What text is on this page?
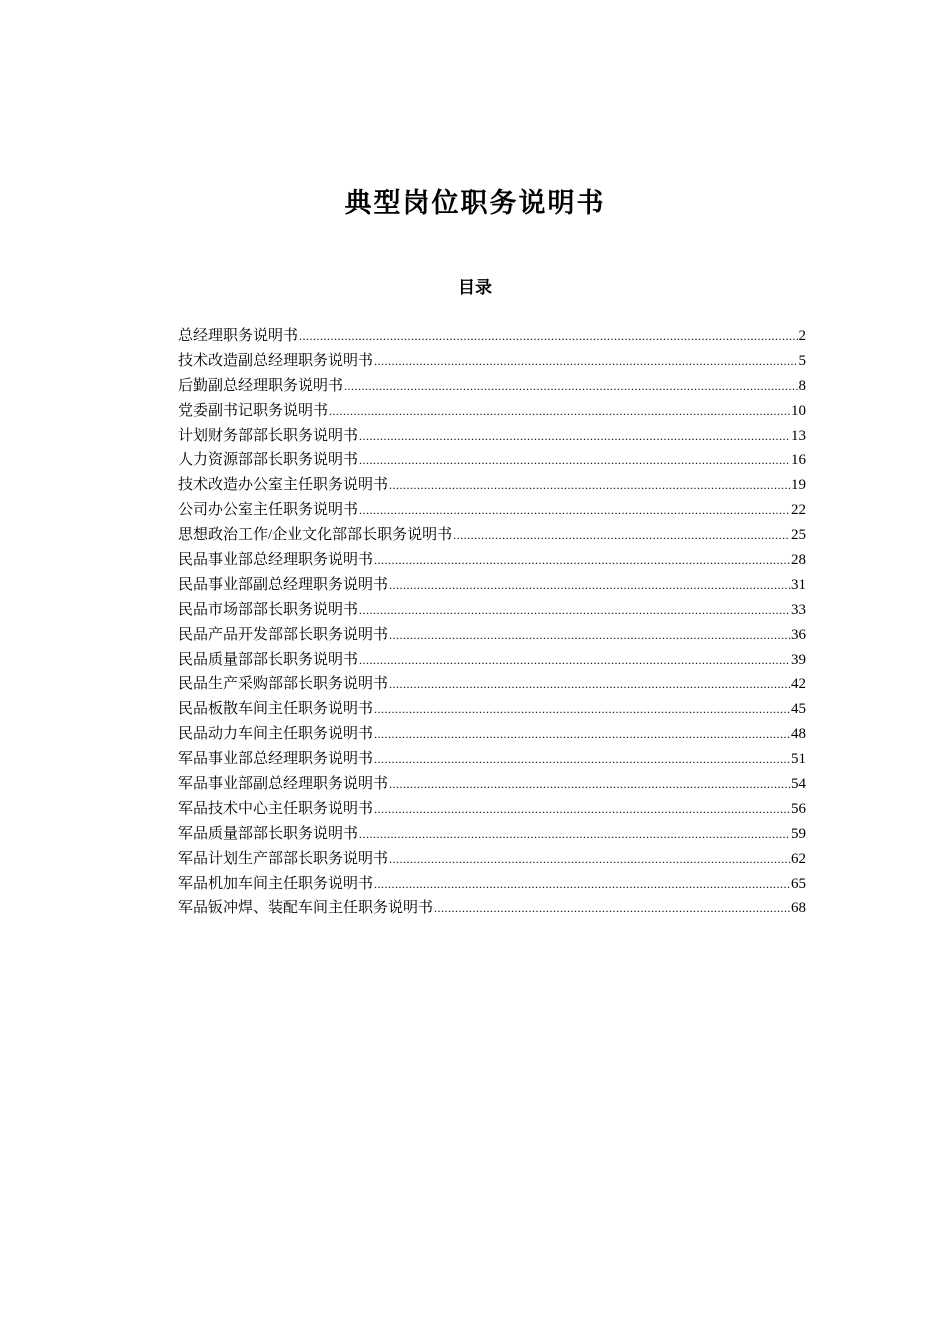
典型岗位职务说明书
目录
总经理职务说明书 .....	2
技术改造副总经理职务说明书 .....	5
后勤副总经理职务说明书 .....	8
党委副书记职务说明书 .....	10
计划财务部部长职务说明书 .....	13
人力资源部部长职务说明书 .....	16
技术改造办公室主任职务说明书 .....	19
公司办公室主任职务说明书 .....	22
思想政治工作/企业文化部部长职务说明书 .....	25
民品事业部总经理职务说明书 .....	28
民品事业部副总经理职务说明书 .....	31
民品市场部部长职务说明书 .....	33
民品产品开发部部长职务说明书 .....	36
民品质量部部长职务说明书 .....	39
民品生产采购部部长职务说明书 .....	42
民品板散车间主任职务说明书 .....	45
民品动力车间主任职务说明书 .....	48
军品事业部总经理职务说明书 .....	51
军品事业部副总经理职务说明书 .....	54
军品技术中心主任职务说明书 .....	56
军品质量部部长职务说明书 .....	59
军品计划生产部部长职务说明书 .....	62
军品机加车间主任职务说明书 .....	65
军品钣冲焊、装配车间主任职务说明书 .....	68
